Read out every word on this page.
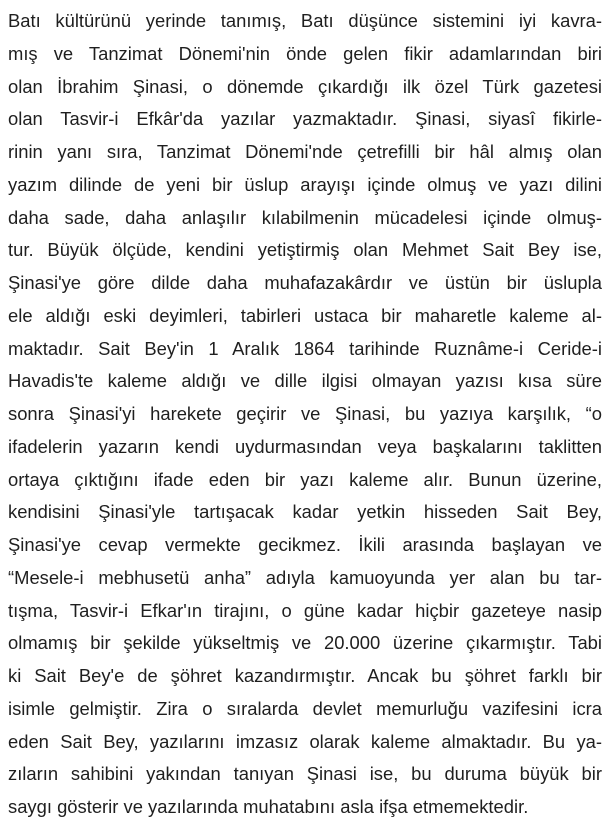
Batı kültürünü yerinde tanımış, Batı düşünce sistemini iyi kavra-
mış ve Tanzimat Dönemi'nin önde gelen fikir adamlarından biri
olan İbrahim Şinasi, o dönemde çıkardığı ilk özel Türk gazetesi
olan Tasvir-i Efkâr'da yazılar yazmaktadır. Şinasi, siyasî fikirle-
rinin yanı sıra, Tanzimat Dönemi'nde çetrefilli bir hâl almış olan
yazım dilinde de yeni bir üslup arayışı içinde olmuş ve yazı dilini
daha sade, daha anlaşılır kılabilmenin mücadelesi içinde olmuş-
tur. Büyük ölçüde, kendini yetiştirmiş olan Mehmet Sait Bey ise,
Şinasi'ye göre dilde daha muhafazakârdır ve üstün bir üslupla
ele aldığı eski deyimleri, tabirleri ustaca bir maharetle kaleme al-
maktadır. Sait Bey'in 1 Aralık 1864 tarihinde Ruznâme-i Ceride-i
Havadis'te kaleme aldığı ve dille ilgisi olmayan yazısı kısa süre
sonra Şinasi'yi harekete geçirir ve Şinasi, bu yazıya karşılık, “o
ifadelerin yazarın kendi uydurmasından veya başkalarını taklitten
ortaya çıktığını ifade eden bir yazı kaleme alır. Bunun üzerine,
kendisini Şinasi'yle tartışacak kadar yetkin hisseden Sait Bey,
Şinasi'ye cevap vermekte gecikmez. İkili arasında başlayan ve
“Mesele-i mebhusetü anha” adıyla kamuoyunda yer alan bu tar-
tışma, Tasvir-i Efkar'ın tirajını, o güne kadar hiçbir gazeteye nasip
olmamış bir şekilde yükseltmiş ve 20.000 üzerine çıkarmıştır. Tabi
ki Sait Bey'e de şöhret kazandırmıştır. Ancak bu şöhret farklı bir
isimle gelmiştir. Zira o sıralarda devlet memurluğu vazifesini icra
eden Sait Bey, yazılarını imzasız olarak kaleme almaktadır. Bu ya-
zıların sahibini yakından tanıyan Şinasi ise, bu duruma büyük bir
saygı gösterir ve yazılarında muhatabını asla ifşa etmemektedir.
